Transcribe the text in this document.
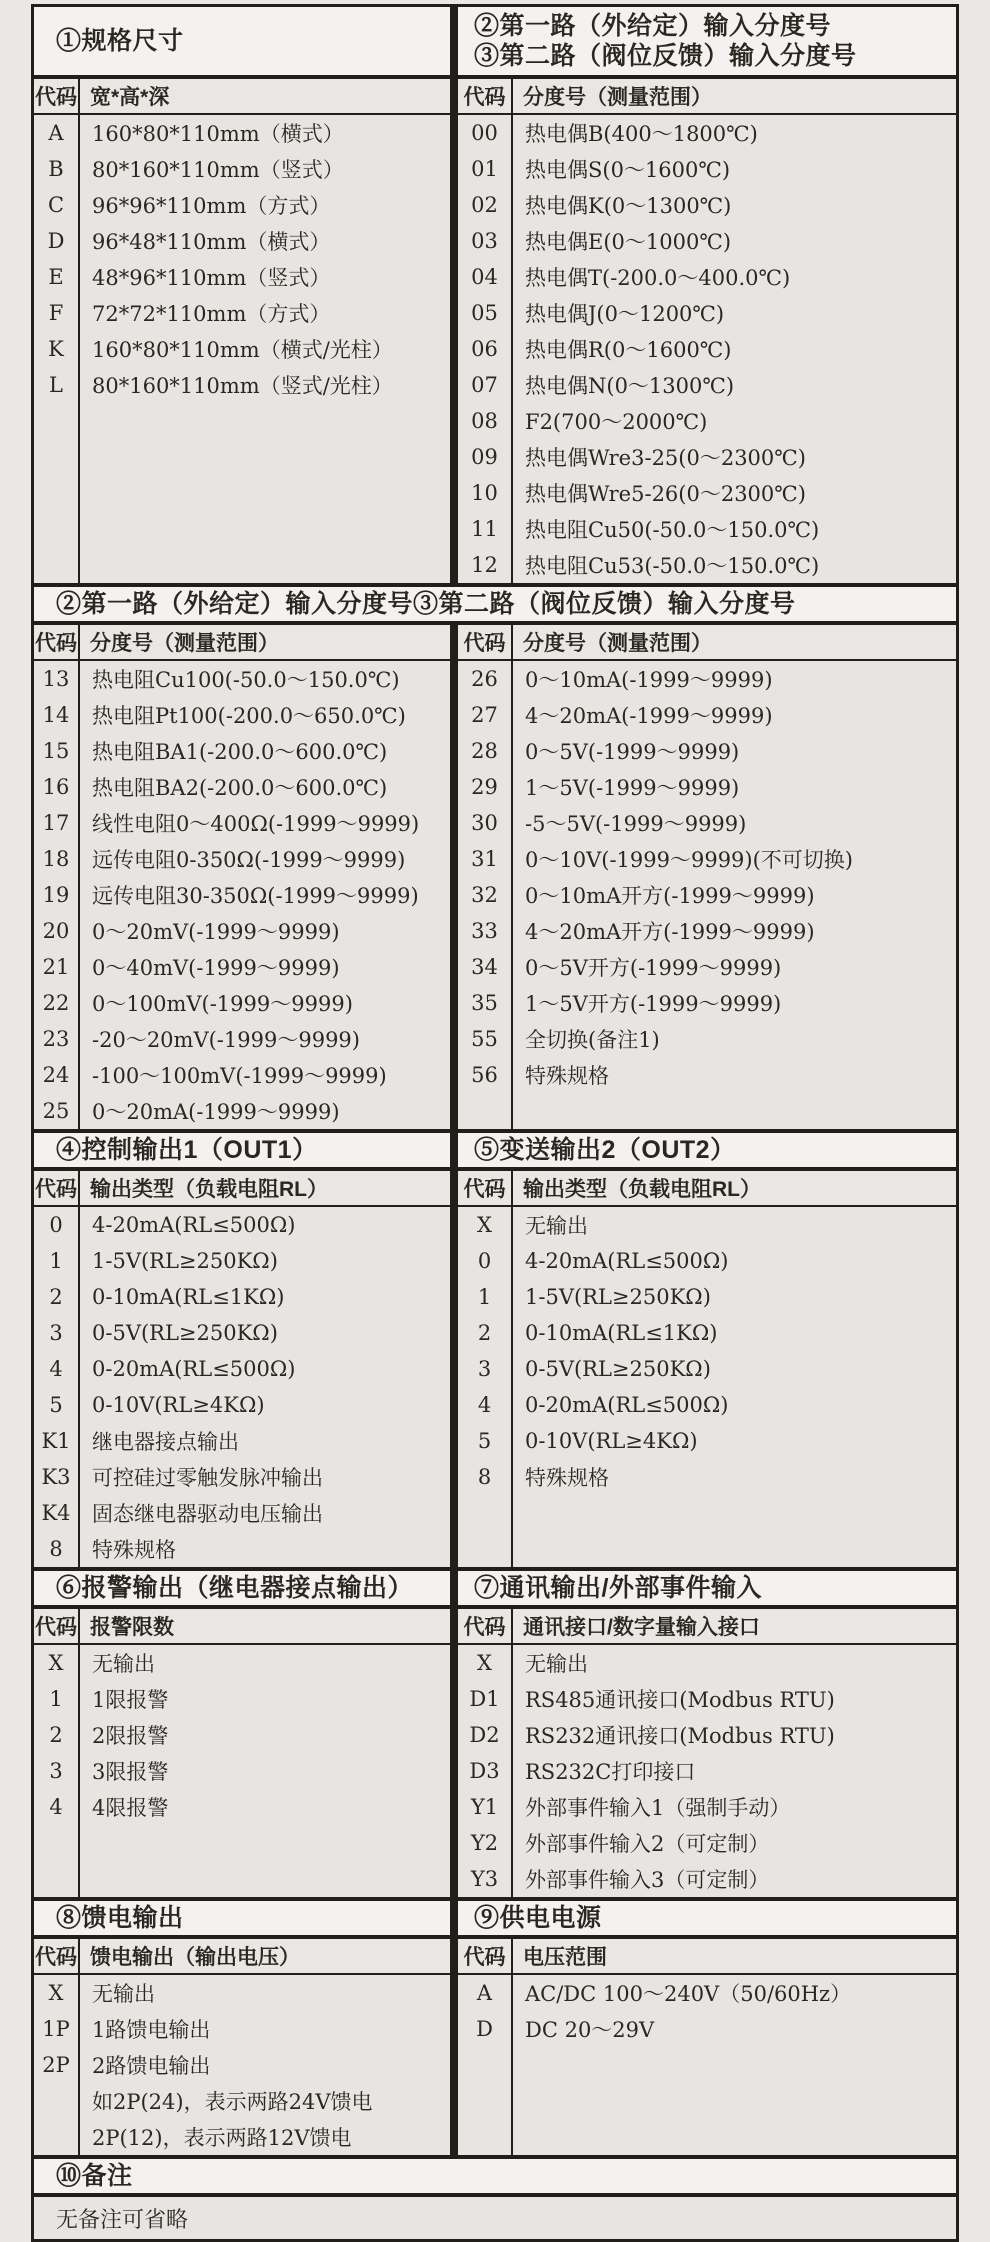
①规格尺寸
②第一路（外给定）输入分度号
③第二路（阀位反馈）输入分度号
代码 宽*高*深
A	160*80*110mm（横式）
B	80*160*110mm（竖式）
C	96*96*110mm（方式）
D	96*48*110mm（横式）
E	48*96*110mm（竖式）
F	72*72*110mm（方式）
K	160*80*110mm（横式/光柱）
L	80*160*110mm（竖式/光柱）
代码 分度号（测量范围）
00	热电偶B(400～1800℃)
01	热电偶S(0～1600℃)
02	热电偶K(0～1300℃)
03	热电偶E(0～1000℃)
04	热电偶T(-200.0～400.0℃)
05	热电偶J(0～1200℃)
06	热电偶R(0～1600℃)
07	热电偶N(0～1300℃)
08	F2(700～2000℃)
09	热电偶Wre3-25(0～2300℃)
10	热电偶Wre5-26(0～2300℃)
11	热电阻Cu50(-50.0～150.0℃)
12	热电阻Cu53(-50.0～150.0℃)
②第一路（外给定）输入分度号③第二路（阀位反馈）输入分度号
代码 分度号（测量范围）
13	热电阻Cu100(-50.0～150.0℃)
14	热电阻Pt100(-200.0～650.0℃)
15	热电阻BA1(-200.0～600.0℃)
16	热电阻BA2(-200.0～600.0℃)
17	线性电阻0～400Ω(-1999～9999)
18	远传电阻0-350Ω(-1999～9999)
19	远传电阻30-350Ω(-1999～9999)
20	0～20mV(-1999～9999)
21	0～40mV(-1999～9999)
22	0～100mV(-1999～9999)
23	-20～20mV(-1999～9999)
24	-100～100mV(-1999～9999)
25	0～20mA(-1999～9999)
代码 分度号（测量范围）
26	0～10mA(-1999～9999)
27	4～20mA(-1999～9999)
28	0～5V(-1999～9999)
29	1～5V(-1999～9999)
30	-5～5V(-1999～9999)
31	0～10V(-1999～9999)(不可切换)
32	0～10mA开方(-1999～9999)
33	4～20mA开方(-1999～9999)
34	0～5V开方(-1999～9999)
35	1～5V开方(-1999～9999)
55	全切换(备注1)
56	特殊规格
④控制输出1（OUT1）	⑤变送输出2（OUT2）
代码 输出类型（负载电阻RL）
0	4-20mA(RL≤500Ω)
1	1-5V(RL≥250KΩ)
2	0-10mA(RL≤1KΩ)
3	0-5V(RL≥250KΩ)
4	0-20mA(RL≤500Ω)
5	0-10V(RL≥4KΩ)
K1	继电器接点输出
K3	可控硅过零触发脉冲输出
K4	固态继电器驱动电压输出
8	特殊规格
代码 输出类型（负载电阻RL）
X	无输出
0	4-20mA(RL≤500Ω)
1	1-5V(RL≥250KΩ)
2	0-10mA(RL≤1KΩ)
3	0-5V(RL≥250KΩ)
4	0-20mA(RL≤500Ω)
5	0-10V(RL≥4KΩ)
8	特殊规格
⑥报警输出（继电器接点输出）	⑦通讯输出/外部事件输入
代码 报警限数
X	无输出
1	1限报警
2	2限报警
3	3限报警
4	4限报警
代码 通讯接口/数字量输入接口
X	无输出
D1	RS485通讯接口(Modbus RTU)
D2	RS232通讯接口(Modbus RTU)
D3	RS232C打印接口
Y1	外部事件输入1（强制手动）
Y2	外部事件输入2（可定制）
Y3	外部事件输入3（可定制）
⑧馈电输出	⑨供电电源
代码 馈电输出（输出电压）
X	无输出
1P	1路馈电输出
2P	2路馈电输出
如2P(24)，表示两路24V馈电
2P(12)，表示两路12V馈电
代码 电压范围
A	AC/DC 100～240V（50/60Hz）
D	DC 20～29V
⑩备注
无备注可省略
